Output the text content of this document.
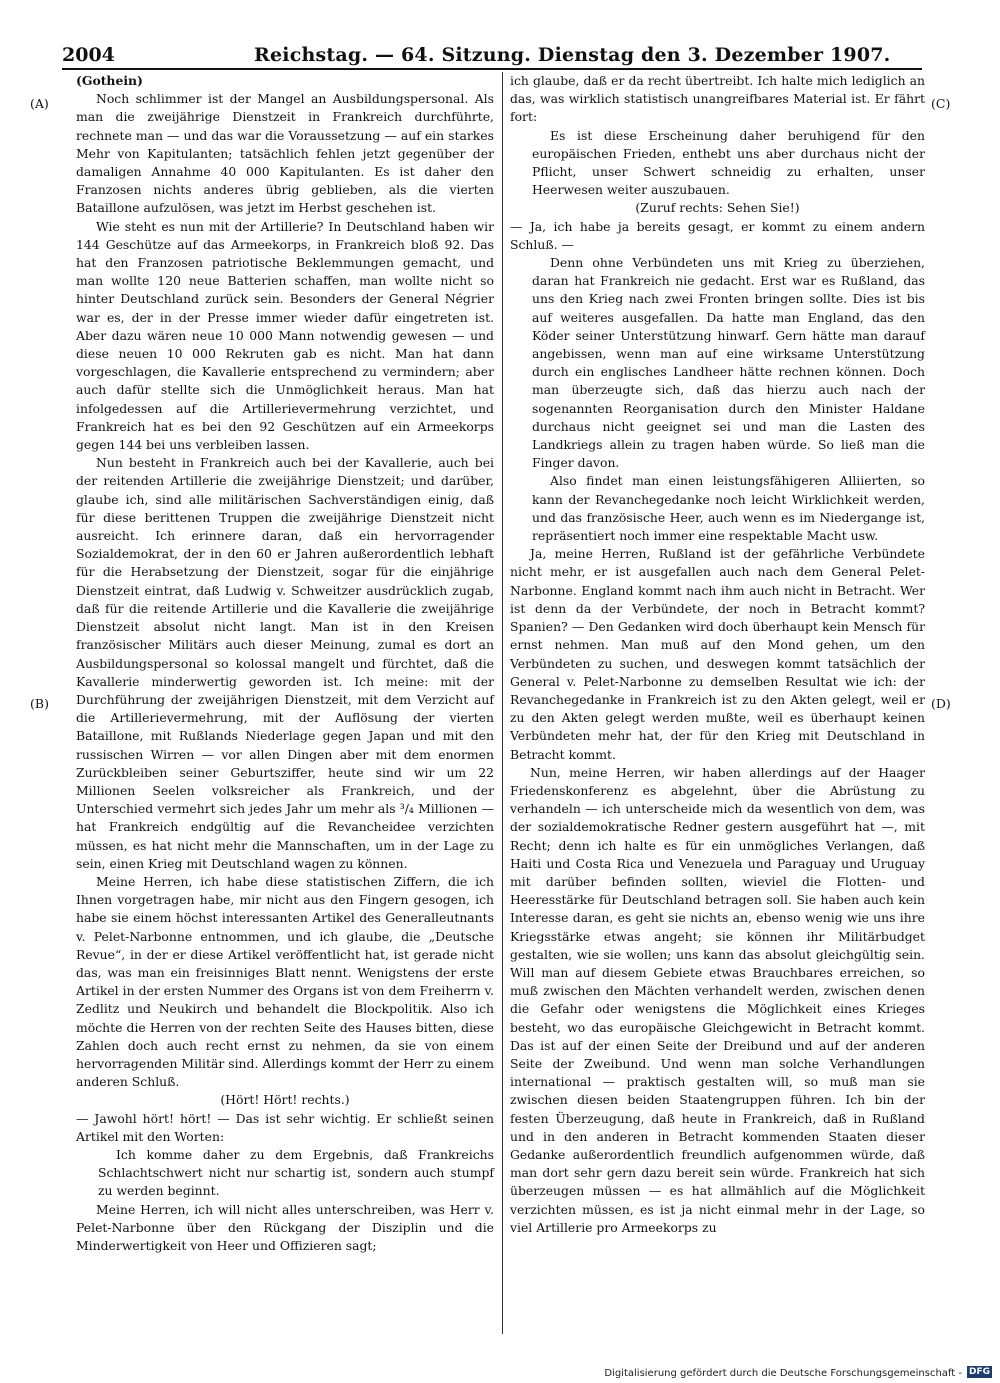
2004	Reichstag. — 64. Sitzung. Dienstag den 3. Dezember 1907.
(A)
(B)
(C)
(D)

(Gothein)

Noch schlimmer ist der Mangel an Ausbildungspersonal. Als man die zweijährige Dienstzeit in Frankreich durchführte, rechnete man — und das war die Voraussetzung — auf ein starkes Mehr von Kapitulanten; tatsächlich fehlen jetzt gegenüber der damaligen Annahme 40 000 Kapitulanten. Es ist daher den Franzosen nichts anderes übrig geblieben, als die vierten Bataillone aufzulösen, was jetzt im Herbst geschehen ist.

Wie steht es nun mit der Artillerie? In Deutschland haben wir 144 Geschütze auf das Armeekorps, in Frankreich bloß 92. Das hat den Franzosen patriotische Beklemmungen gemacht, und man wollte 120 neue Batterien schaffen, man wollte nicht so hinter Deutschland zurück sein. Besonders der General Négrier war es, der in der Presse immer wieder dafür eingetreten ist. Aber dazu wären neue 10 000 Mann notwendig gewesen — und diese neuen 10 000 Rekruten gab es nicht. Man hat dann vorgeschlagen, die Kavallerie entsprechend zu vermindern; aber auch dafür stellte sich die Unmöglichkeit heraus. Man hat infolgedessen auf die Artillerievermehrung verzichtet, und Frankreich hat es bei den 92 Geschützen auf ein Armeekorps gegen 144 bei uns verbleiben lassen.

Nun besteht in Frankreich auch bei der Kavallerie, auch bei der reitenden Artillerie die zweijährige Dienstzeit; und darüber, glaube ich, sind alle militärischen Sachverständigen einig, daß für diese berittenen Truppen die zweijährige Dienstzeit nicht ausreicht. Ich erinnere daran, daß ein hervorragender Sozialdemokrat, der in den 60 er Jahren außerordentlich lebhaft für die Herabsetzung der Dienstzeit, sogar für die einjährige Dienstzeit eintrat, daß Ludwig v. Schweitzer ausdrücklich zugab, daß für die reitende Artillerie und die Kavallerie die zweijährige Dienstzeit absolut nicht langt. Man ist in den Kreisen französischer Militärs auch dieser Meinung, zumal es dort an Ausbildungspersonal so kolossal mangelt und fürchtet, daß die Kavallerie minderwertig geworden ist. Ich meine: mit der Durchführung der zweijährigen Dienstzeit, mit dem Verzicht auf die Artillerievermehrung, mit der Auflösung der vierten Bataillone, mit Rußlands Niederlage gegen Japan und mit den russischen Wirren — vor allen Dingen aber mit dem enormen Zurückbleiben seiner Geburtsziffer, heute sind wir um 22 Millionen Seelen volksreicher als Frankreich, und der Unterschied vermehrt sich jedes Jahr um mehr als ³/₄ Millionen — hat Frankreich endgültig auf die Revancheidee verzichten müssen, es hat nicht mehr die Mannschaften, um in der Lage zu sein, einen Krieg mit Deutschland wagen zu können.

Meine Herren, ich habe diese statistischen Ziffern, die ich Ihnen vorgetragen habe, mir nicht aus den Fingern gesogen, ich habe sie einem höchst interessanten Artikel des Generalleutnants v. Pelet-Narbonne entnommen, und ich glaube, die „Deutsche Revue“, in der er diese Artikel veröffentlicht hat, ist gerade nicht das, was man ein freisinniges Blatt nennt. Wenigstens der erste Artikel in der ersten Nummer des Organs ist von dem Freiherrn v. Zedlitz und Neukirch und behandelt die Blockpolitik. Also ich möchte die Herren von der rechten Seite des Hauses bitten, diese Zahlen doch auch recht ernst zu nehmen, da sie von einem hervorragenden Militär sind. Allerdings kommt der Herr zu einem anderen Schluß.

(Hört! Hört! rechts.)

— Jawohl hört! hört! — Das ist sehr wichtig. Er schließt seinen Artikel mit den Worten:

Ich komme daher zu dem Ergebnis, daß Frankreichs Schlachtschwert nicht nur schartig ist, sondern auch stumpf zu werden beginnt.

Meine Herren, ich will nicht alles unterschreiben, was Herr v. Pelet-Narbonne über den Rückgang der Disziplin und die Minderwertigkeit von Heer und Offizieren sagt;

ich glaube, daß er da recht übertreibt. Ich halte mich lediglich an das, was wirklich statistisch unangreifbares Material ist. Er fährt fort:

Es ist diese Erscheinung daher beruhigend für den europäischen Frieden, enthebt uns aber durchaus nicht der Pflicht, unser Schwert schneidig zu erhalten, unser Heerwesen weiter auszubauen.

(Zuruf rechts: Sehen Sie!)

— Ja, ich habe ja bereits gesagt, er kommt zu einem andern Schluß. —

Denn ohne Verbündeten uns mit Krieg zu überziehen, daran hat Frankreich nie gedacht. Erst war es Rußland, das uns den Krieg nach zwei Fronten bringen sollte. Dies ist bis auf weiteres ausgefallen. Da hatte man England, das den Köder seiner Unterstützung hinwarf. Gern hätte man darauf angebissen, wenn man auf eine wirksame Unterstützung durch ein englisches Landheer hätte rechnen können. Doch man überzeugte sich, daß das hierzu auch nach der sogenannten Reorganisation durch den Minister Haldane durchaus nicht geeignet sei und man die Lasten des Landkriegs allein zu tragen haben würde. So ließ man die Finger davon.

Also findet man einen leistungsfähigeren Alliierten, so kann der Revanchegedanke noch leicht Wirklichkeit werden, und das französische Heer, auch wenn es im Niedergange ist, repräsentiert noch immer eine respektable Macht usw.

Ja, meine Herren, Rußland ist der gefährliche Verbündete nicht mehr, er ist ausgefallen auch nach dem General Pelet-Narbonne. England kommt nach ihm auch nicht in Betracht. Wer ist denn da der Verbündete, der noch in Betracht kommt? Spanien? — Den Gedanken wird doch überhaupt kein Mensch für ernst nehmen. Man muß auf den Mond gehen, um den Verbündeten zu suchen, und deswegen kommt tatsächlich der General v. Pelet-Narbonne zu demselben Resultat wie ich: der Revanchegedanke in Frankreich ist zu den Akten gelegt, weil er zu den Akten gelegt werden mußte, weil es überhaupt keinen Verbündeten mehr hat, der für den Krieg mit Deutschland in Betracht kommt.

Nun, meine Herren, wir haben allerdings auf der Haager Friedenskonferenz es abgelehnt, über die Abrüstung zu verhandeln — ich unterscheide mich da wesentlich von dem, was der sozialdemokratische Redner gestern ausgeführt hat —, mit Recht; denn ich halte es für ein unmögliches Verlangen, daß Haiti und Costa Rica und Venezuela und Paraguay und Uruguay mit darüber befinden sollten, wieviel die Flotten- und Heeresstärke für Deutschland betragen soll. Sie haben auch kein Interesse daran, es geht sie nichts an, ebenso wenig wie uns ihre Kriegsstärke etwas angeht; sie können ihr Militärbudget gestalten, wie sie wollen; uns kann das absolut gleichgültig sein. Will man auf diesem Gebiete etwas Brauchbares erreichen, so muß zwischen den Mächten verhandelt werden, zwischen denen die Gefahr oder wenigstens die Möglichkeit eines Krieges besteht, wo das europäische Gleichgewicht in Betracht kommt. Das ist auf der einen Seite der Dreibund und auf der anderen Seite der Zweibund. Und wenn man solche Verhandlungen international — praktisch gestalten will, so muß man sie zwischen diesen beiden Staatengruppen führen. Ich bin der festen Überzeugung, daß heute in Frankreich, daß in Rußland und in den anderen in Betracht kommenden Staaten dieser Gedanke außerordentlich freundlich aufgenommen würde, daß man dort sehr gern dazu bereit sein würde. Frankreich hat sich überzeugen müssen — es hat allmählich auf die Möglichkeit verzichten müssen, es ist ja nicht einmal mehr in der Lage, so viel Artillerie pro Armeekorps zu

Digitalisierung gefördert durch die Deutsche Forschungsgemeinschaft - DFG
